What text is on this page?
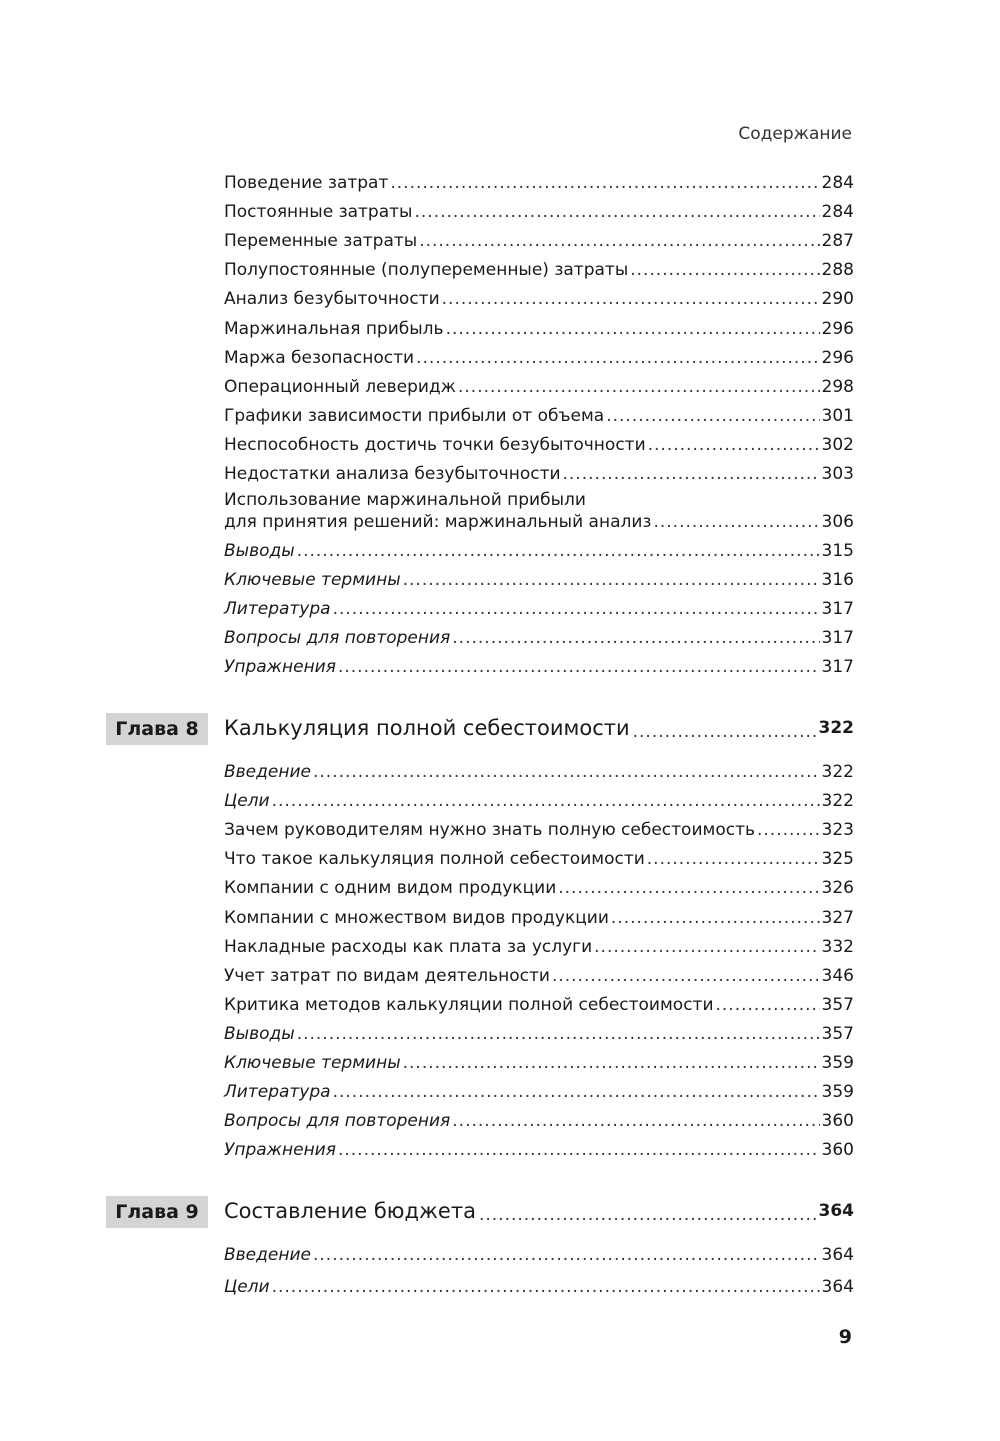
Содержание
Поведение затрат .....	284
Постоянные затраты .....	284
Переменные затраты .....	287
Полупостоянные (полупеременные) затраты .....	288
Анализ безубыточности .....	290
Маржинальная прибыль .....	296
Маржа безопасности .....	296
Операционный леверидж .....	298
Графики зависимости прибыли от объема .....	301
Неспособность достичь точки безубыточности .....	302
Недостатки анализа безубыточности .....	303
Использование маржинальной прибыли
для принятия решений: маржинальный анализ .....	306
Выводы .....	315
Ключевые термины .....	316
Литература .....	317
Вопросы для повторения .....	317
Упражнения .....	317
Глава 8	Калькуляция полной себестоимости .....	322
Введение .....	322
Цели .....	322
Зачем руководителям нужно знать полную себестоимость .....	323
Что такое калькуляция полной себестоимости .....	325
Компании с одним видом продукции .....	326
Компании с множеством видов продукции .....	327
Накладные расходы как плата за услуги .....	332
Учет затрат по видам деятельности .....	346
Критика методов калькуляции полной себестоимости .....	357
Выводы .....	357
Ключевые термины .....	359
Литература .....	359
Вопросы для повторения .....	360
Упражнения .....	360
Глава 9	Составление бюджета .....	364
Введение .....	364
Цели .....	364
9
